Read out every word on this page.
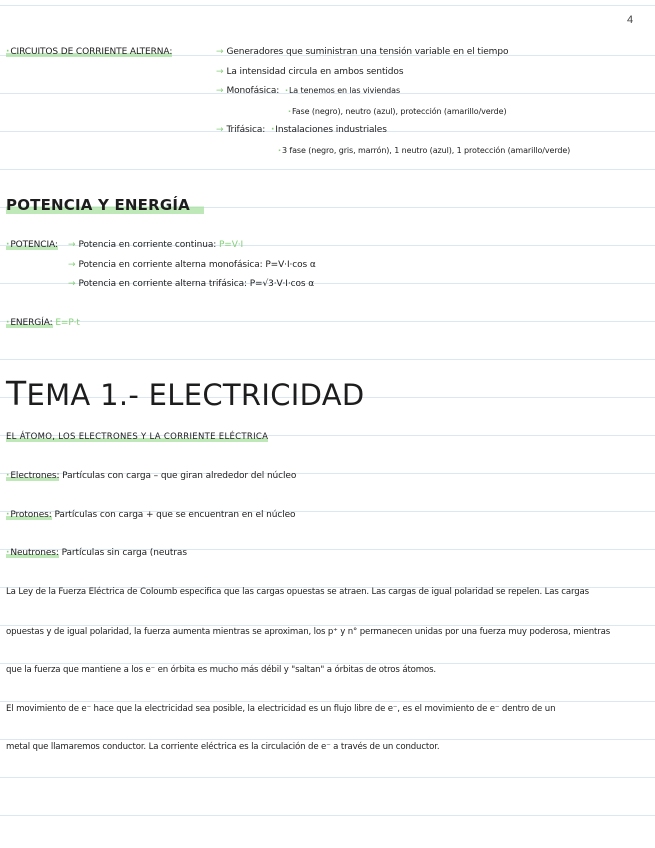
4
·CIRCUITOS DE CORRIENTE ALTERNA:	→ Generadores que suministran una tensión variable en el tiempo
→ La intensidad circula en ambos sentidos
→ Monofásica: ·La tenemos en las viviendas
·Fase (negro), neutro (azul), protección (amarillo/verde)
→ Trifásica: ·Instalaciones industriales
·3 fase (negro, gris, marrón), 1 neutro (azul), 1 protección (amarillo/verde)
POTENCIA Y ENERGÍA
·POTENCIA: → Potencia en corriente continua: P=V·I
→ Potencia en corriente alterna monofásica: P=V·I·cos α
→ Potencia en corriente alterna trifásica: P=√3·V·I·cos α
·ENERGÍA: E=P·t
TEMA 1.- ELECTRICIDAD
EL ÁTOMO, LOS ELECTRONES Y LA CORRIENTE ELÉCTRICA
·Electrones: Partículas con carga – que giran alrededor del núcleo
·Protones: Partículas con carga + que se encuentran en el núcleo
·Neutrones: Partículas sin carga (neutras
La Ley de la Fuerza Eléctrica de Coloumb especifica que las cargas opuestas se atraen. Las cargas de igual polaridad se repelen. Las cargas
opuestas y de igual polaridad, la fuerza aumenta mientras se aproximan, los p⁺ y n° permanecen unidas por una fuerza muy poderosa, mientras
que la fuerza que mantiene a los e⁻ en órbita es mucho más débil y "saltan" a órbitas de otros átomos.
El movimiento de e⁻ hace que la electricidad sea posible, la electricidad es un flujo libre de e⁻, es el movimiento de e⁻ dentro de un
metal que llamaremos conductor. La corriente eléctrica es la circulación de e⁻ a través de un conductor.
